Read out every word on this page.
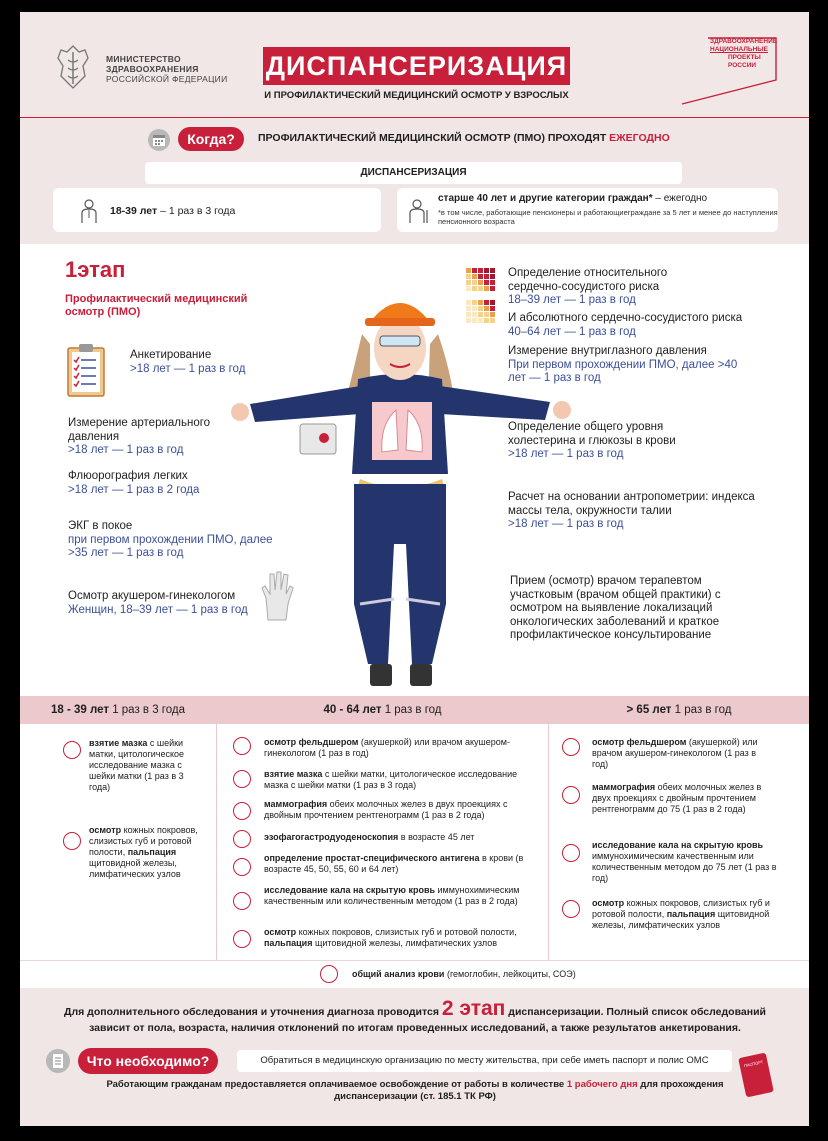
МИНИСТЕРСТВО
ЗДРАВООХРАНЕНИЯ
РОССИЙСКОЙ ФЕДЕРАЦИИ ДИСПАНСЕРИЗАЦИЯ
И ПРОФИЛАКТИЧЕСКИЙ МЕДИЦИНСКИЙ ОСМОТР У ВЗРОСЛЫХ
ЗДРАВООХРАНЕНИЕ
НАЦИОНАЛЬНЫЕ
ПРОЕКТЫ
РОССИИ
Когда?	ПРОФИЛАКТИЧЕСКИЙ МЕДИЦИНСКИЙ ОСМОТР (ПМО) ПРОХОДЯТ ЕЖЕГОДНО
ДИСПАНСЕРИЗАЦИЯ
18-39 лет – 1 раз в 3 года
старше 40 лет и другие категории граждан* – ежегодно
*в том числе, работающие пенсионеры и работающиеграждане за 5 лет и менее до наступления пенсионного возраста
1этап
Профилактический медицинский
осмотр (ПМО)
Анкетирование
>18 лет — 1 раз в год
Измерение артериального давления
>18 лет — 1 раз в год
Флюорография легких
>18 лет — 1 раз в 2 года
ЭКГ в покое
при первом прохождении ПМО, далее >35 лет — 1 раз в год
Осмотр акушером-гинекологом
Женщин, 18–39 лет — 1 раз в год
Определение относительного сердечно-сосудистого риска
18–39 лет — 1 раз в год
И абсолютного сердечно-сосудистого риска
40–64 лет — 1 раз в год
Измерение внутриглазного давления
При первом прохождении ПМО, далее >40 лет — 1 раз в год
Определение общего уровня холестерина и глюкозы в крови
>18 лет — 1 раз в год
Расчет на основании антропометрии: индекса массы тела, окружности талии
>18 лет — 1 раз в год
Прием (осмотр) врачом терапевтом участковым (врачом общей практики) с осмотром на выявление локализаций онкологических заболеваний и краткое профилактическое консультирование
18 - 39 лет 1 раз в 3 года	40 - 64 лет 1 раз в год	> 65 лет 1 раз в год
взятие мазка с шейки матки, цитологическое исследование мазка с шейки матки (1 раз в 3 года)
осмотр кожных покровов, слизистых губ и ротовой полости, пальпация щитовидной железы, лимфатических узлов
осмотр фельдшером (акушеркой) или врачом акушером- гинекологом (1 раз в год)
взятие мазка с шейки матки, цитологическое исследование мазка с шейки матки (1 раз в 3 года)
маммография обеих молочных желез в двух проекциях с двойным прочтением рентгенограмм (1 раз в 2 года)
эзофагогастродуоденоскопия в возрасте 45 лет
определение простат-специфического антигена в крови (в возрасте 45, 50, 55, 60 и 64 лет)
исследование кала на скрытую кровь иммунохимическим качественным или количественным методом (1 раз в 2 года)
осмотр кожных покровов, слизистых губ и ротовой полости, пальпация щитовидной железы, лимфатических узлов
осмотр фельдшером (акушеркой) или врачом акушером-гинекологом (1 раз в год)
маммография обеих молочных желез в двух проекциях с двойным прочтением рентгенограмм до 75 (1 раз в 2 года)
исследование кала на скрытую кровь иммунохимическим качественным или количественным методом до 75 лет (1 раз в год)
осмотр кожных покровов, слизистых губ и ротовой полости, пальпация щитовидной железы, лимфатических узлов
общий анализ крови (гемоглобин, лейкоциты, СОЭ)
Для дополнительного обследования и уточнения диагноза проводится 2 этап диспансеризации. Полный список обследований зависит от пола, возраста, наличия отклонений по итогам проведенных исследований, а также результатов анкетирования.
Что необходимо?	Обратиться в медицинскую организацию по месту жительства, при себе иметь паспорт и полис ОМС
Работающим гражданам предоставляется оплачиваемое освобождение от работы в количестве 1 рабочего дня для прохождения диспансеризации (ст. 185.1 ТК РФ)
ПАСПОРТ
